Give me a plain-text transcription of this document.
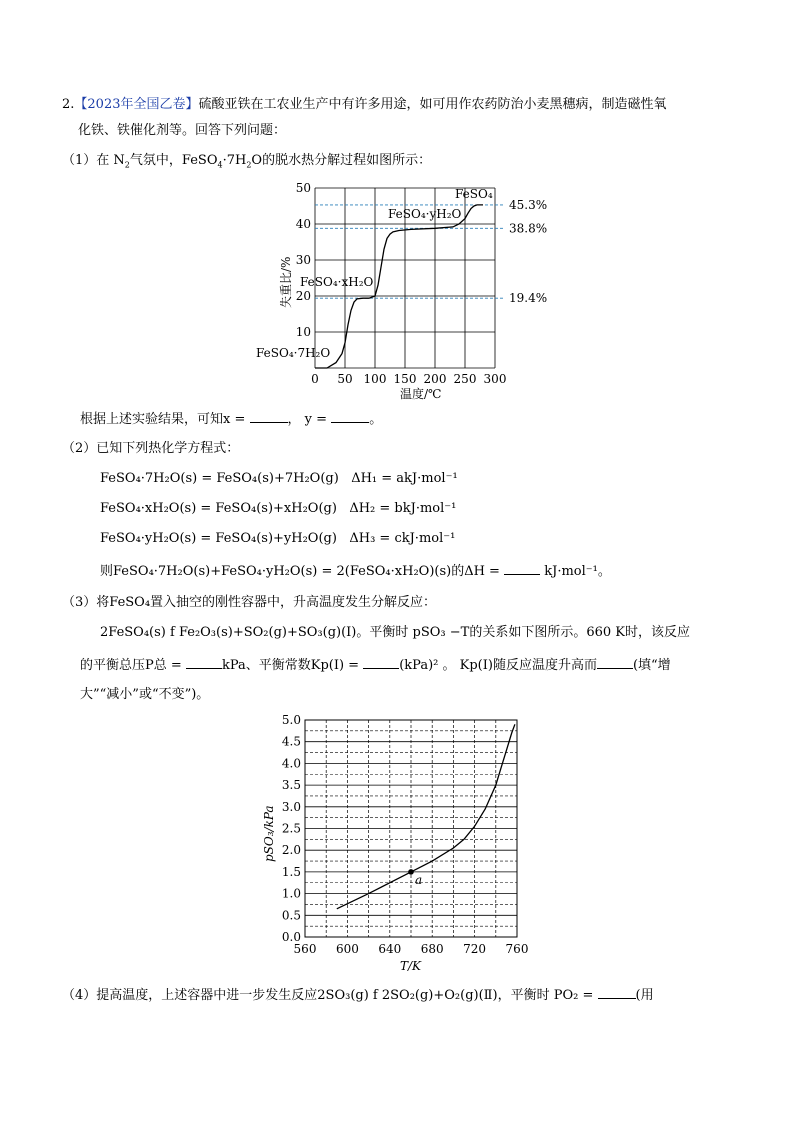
2.【2023年全国乙卷】硫酸亚铁在工农业生产中有许多用途，如可用作农药防治小麦黑穗病，制造磁性氧
化铁、铁催化剂等。回答下列问题：
（1）在 $N_2$气氛中，$FeSO_4\cdot 7H_2O$的脱水热分解过程如图所示：
45.3%
38.8%
19.4%
0 50 100 150 200 250 300
10
20
30
40
50	FeSO₄
FeSO₄·yH₂O
FeSO₄·xH₂O
FeSO₄·7H₂O
温度/℃
失重比/%
根据上述实验结果，可知x =	， y =	。
（2）已知下列热化学方程式：
FeSO₄·7H₂O(s) = FeSO₄(s)+7H₂O(g) ΔH₁ = akJ·mol⁻¹
FeSO₄·xH₂O(s) = FeSO₄(s)+xH₂O(g) ΔH₂ = bkJ·mol⁻¹
FeSO₄·yH₂O(s) = FeSO₄(s)+yH₂O(g) ΔH₃ = ckJ·mol⁻¹
则FeSO₄·7H₂O(s)+FeSO₄·yH₂O(s) = 2(FeSO₄·xH₂O)(s)的ΔH =	kJ·mol⁻¹。
（3）将FeSO₄置入抽空的刚性容器中，升高温度发生分解反应：
2FeSO₄(s) f Fe₂O₃(s)+SO₂(g)+SO₃(g)(Ⅰ)。平衡时 pSO₃ −T的关系如下图所示。660 K时，该反应
的平衡总压P总 =	kPa、平衡常数Kp(Ⅰ) =	(kPa)² 。 Kp(Ⅰ)随反应温度升高而	(填“增
大”“减小”或“不变”)。
a
560 600 640 680 720 760
0.0
0.5
1.0
1.5
2.0
2.5
3.0
3.5
4.0
4.5
5.0
T/K
pSO₃/kPa
（4）提高温度，上述容器中进一步发生反应2SO₃(g) f 2SO₂(g)+O₂(g)(Ⅱ)，平衡时 PO₂ =	(用
